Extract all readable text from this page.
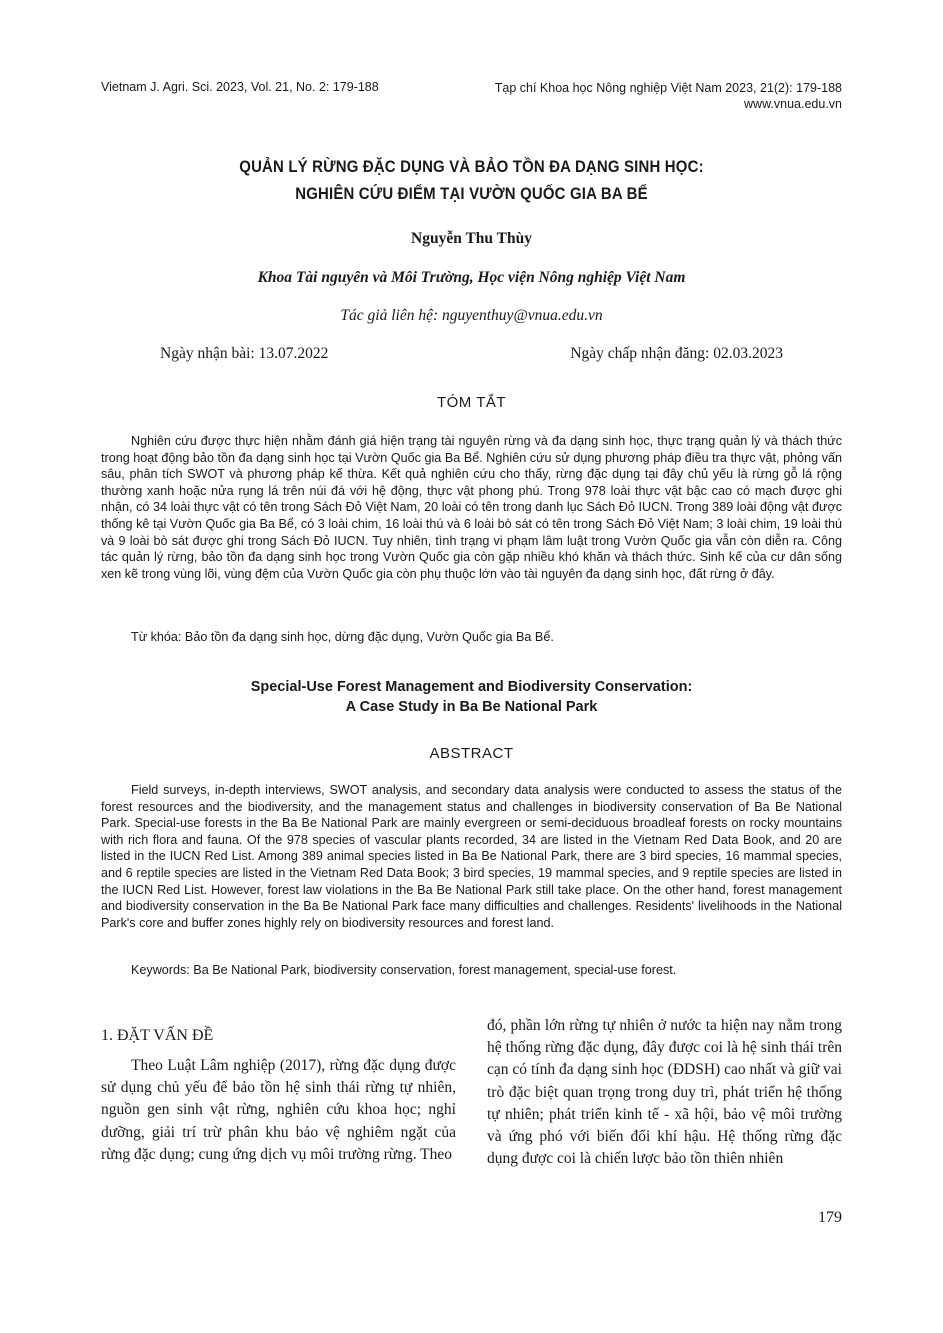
Vietnam J. Agri. Sci. 2023, Vol. 21, No. 2: 179-188	Tạp chí Khoa học Nông nghiệp Việt Nam 2023, 21(2): 179-188
www.vnua.edu.vn
QUẢN LÝ RỪNG ĐẶC DỤNG VÀ BẢO TỒN ĐA DẠNG SINH HỌC:
NGHIÊN CỨU ĐIỂM TẠI VƯỜN QUỐC GIA BA BỂ
Nguyễn Thu Thùy
Khoa Tài nguyên và Môi Trường, Học viện Nông nghiệp Việt Nam
Tác giả liên hệ: nguyenthuy@vnua.edu.vn
Ngày nhận bài: 13.07.2022	Ngày chấp nhận đăng: 02.03.2023
TÓM TẮT

Nghiên cứu được thực hiện nhằm đánh giá hiện trạng tài nguyên rừng và đa dạng sinh học, thực trạng quản lý và thách thức trong hoạt động bảo tồn đa dạng sinh học tại Vườn Quốc gia Ba Bể. Nghiên cứu sử dụng phương pháp điều tra thực vật, phỏng vấn sâu, phân tích SWOT và phương pháp kế thừa. Kết quả nghiên cứu cho thấy, rừng đặc dụng tại đây chủ yếu là rừng gỗ lá rộng thường xanh hoặc nửa rụng lá trên núi đá với hệ động, thực vật phong phú. Trong 978 loài thực vật bậc cao có mạch được ghi nhận, có 34 loài thực vật có tên trong Sách Đỏ Việt Nam, 20 loài có tên trong danh lục Sách Đỏ IUCN. Trong 389 loài động vật được thống kê tại Vườn Quốc gia Ba Bể, có 3 loài chim, 16 loài thú và 6 loài bò sát có tên trong Sách Đỏ Việt Nam; 3 loài chim, 19 loài thú và 9 loài bò sát được ghi trong Sách Đỏ IUCN. Tuy nhiên, tình trạng vi phạm lâm luật trong Vườn Quốc gia vẫn còn diễn ra. Công tác quản lý rừng, bảo tồn đa dạng sinh học trong Vườn Quốc gia còn gặp nhiều khó khăn và thách thức. Sinh kế của cư dân sống xen kẽ trong vùng lõi, vùng đệm của Vườn Quốc gia còn phụ thuộc lớn vào tài nguyên đa dạng sinh học, đất rừng ở đây.

Từ khóa: Bảo tồn đa dạng sinh học, dừng đặc dụng, Vườn Quốc gia Ba Bể.
Special-Use Forest Management and Biodiversity Conservation:
A Case Study in Ba Be National Park
ABSTRACT

Field surveys, in-depth interviews, SWOT analysis, and secondary data analysis were conducted to assess the status of the forest resources and the biodiversity, and the management status and challenges in biodiversity conservation of Ba Be National Park. Special-use forests in the Ba Be National Park are mainly evergreen or semi-deciduous broadleaf forests on rocky mountains with rich flora and fauna. Of the 978 species of vascular plants recorded, 34 are listed in the Vietnam Red Data Book, and 20 are listed in the IUCN Red List. Among 389 animal species listed in Ba Be National Park, there are 3 bird species, 16 mammal species, and 6 reptile species are listed in the Vietnam Red Data Book; 3 bird species, 19 mammal species, and 9 reptile species are listed in the IUCN Red List. However, forest law violations in the Ba Be National Park still take place. On the other hand, forest management and biodiversity conservation in the Ba Be National Park face many difficulties and challenges. Residents' livelihoods in the National Park's core and buffer zones highly rely on biodiversity resources and forest land.

Keywords: Ba Be National Park, biodiversity conservation, forest management, special-use forest.
1. ĐẶT VẤN ĐỀ

Theo Luật Lâm nghiệp (2017), rừng đặc dụng được sử dụng chủ yếu để bảo tồn hệ sinh thái rừng tự nhiên, nguồn gen sinh vật rừng, nghiên cứu khoa học; nghỉ dưỡng, giải trí trừ phân khu bảo vệ nghiêm ngặt của rừng đặc dụng; cung ứng dịch vụ môi trường rừng. Theo

đó, phần lớn rừng tự nhiên ở nước ta hiện nay nằm trong hệ thống rừng đặc dụng, đây được coi là hệ sinh thái trên cạn có tính đa dạng sinh học (ĐDSH) cao nhất và giữ vai trò đặc biệt quan trọng trong duy trì, phát triển hệ thống tự nhiên; phát triển kinh tế - xã hội, bảo vệ môi trường và ứng phó với biến đổi khí hậu. Hệ thống rừng đặc dụng được coi là chiến lược bảo tồn thiên nhiên

179
